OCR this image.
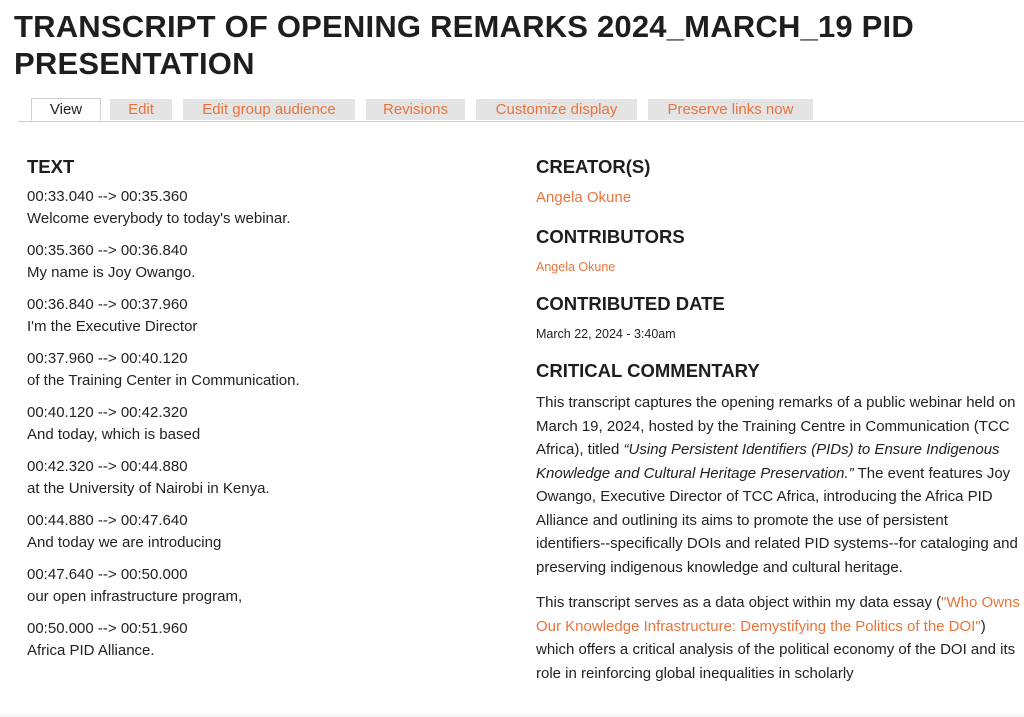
TRANSCRIPT OF OPENING REMARKS 2024_MARCH_19 PID PRESENTATION
View	Edit	Edit group audience	Revisions	Customize display	Preserve links now
TEXT
00:33.040 --> 00:35.360
Welcome everybody to today's webinar.
00:35.360 --> 00:36.840
My name is Joy Owango.
00:36.840 --> 00:37.960
I'm the Executive Director
00:37.960 --> 00:40.120
of the Training Center in Communication.
00:40.120 --> 00:42.320
And today, which is based
00:42.320 --> 00:44.880
at the University of Nairobi in Kenya.
00:44.880 --> 00:47.640
And today we are introducing
00:47.640 --> 00:50.000
our open infrastructure program,
00:50.000 --> 00:51.960
Africa PID Alliance.
CREATOR(S)
Angela Okune
CONTRIBUTORS
Angela Okune
CONTRIBUTED DATE
March 22, 2024 - 3:40am
CRITICAL COMMENTARY

This transcript captures the opening remarks of a public webinar held on March 19, 2024, hosted by the Training Centre in Communication (TCC Africa), titled “Using Persistent Identifiers (PIDs) to Ensure Indigenous Knowledge and Cultural Heritage Preservation.” The event features Joy Owango, Executive Director of TCC Africa, introducing the Africa PID Alliance and outlining its aims to promote the use of persistent identifiers--specifically DOIs and related PID systems--for cataloging and preserving indigenous knowledge and cultural heritage.

This transcript serves as a data object within my data essay ("Who Owns Our Knowledge Infrastructure: Demystifying the Politics of the DOI") which offers a critical analysis of the political economy of the DOI and its role in reinforcing global inequalities in scholarly
